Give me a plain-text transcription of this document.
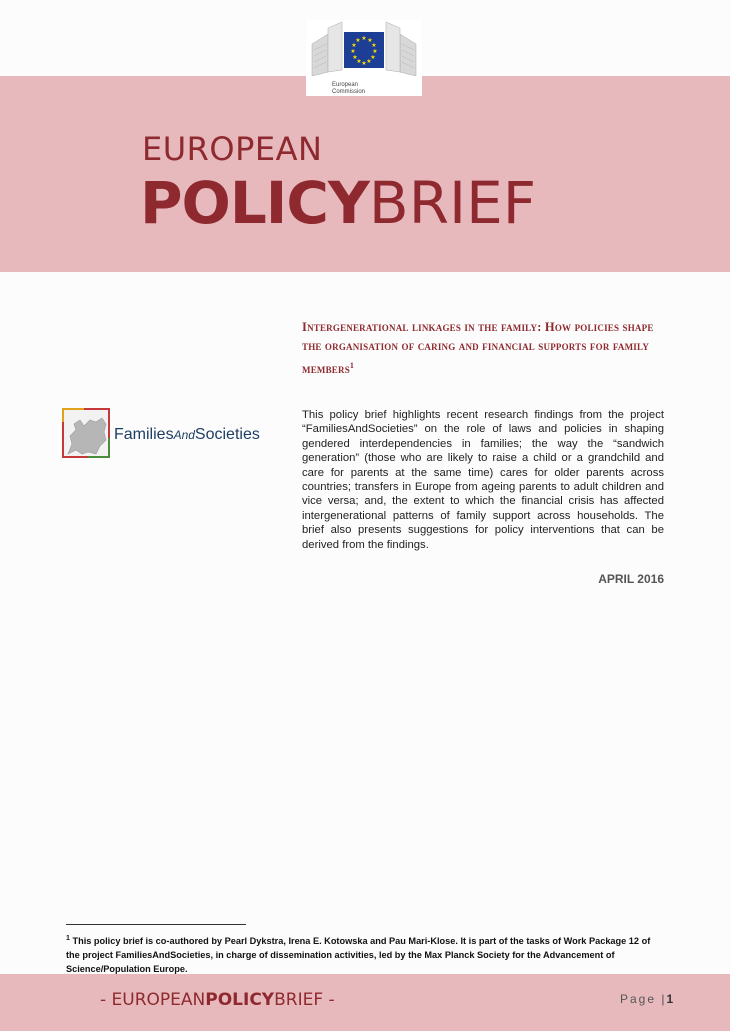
★ ★
★
★
★
★
★
★
★
★
★
★
European
Commission
EUROPEAN
POLICYBRIEF
Intergenerational linkages in the family: How policies shape the organisation of caring and financial supports for family members$^1$
FamiliesAndSocieties
This policy brief highlights recent research findings from the project “FamiliesAndSocieties” on the role of laws and policies in shaping gendered interdependencies in families; the way the “sandwich generation” (those who are likely to raise a child or a grandchild and care for parents at the same time) cares for older parents across countries; transfers in Europe from ageing parents to adult children and vice versa; and, the extent to which the financial crisis has affected intergenerational patterns of family support across households. The brief also presents suggestions for policy interventions that can be derived from the findings.
APRIL 2016
$^1$ This policy brief is co-authored by Pearl Dykstra, Irena E. Kotowska and Pau Mari-Klose. It is part of the tasks of Work Package 12 of the project FamiliesAndSocieties, in charge of dissemination activities, led by the Max Planck Society for the Advancement of Science/Population Europe.
- EUROPEANPOLICYBRIEF -	Page |1
